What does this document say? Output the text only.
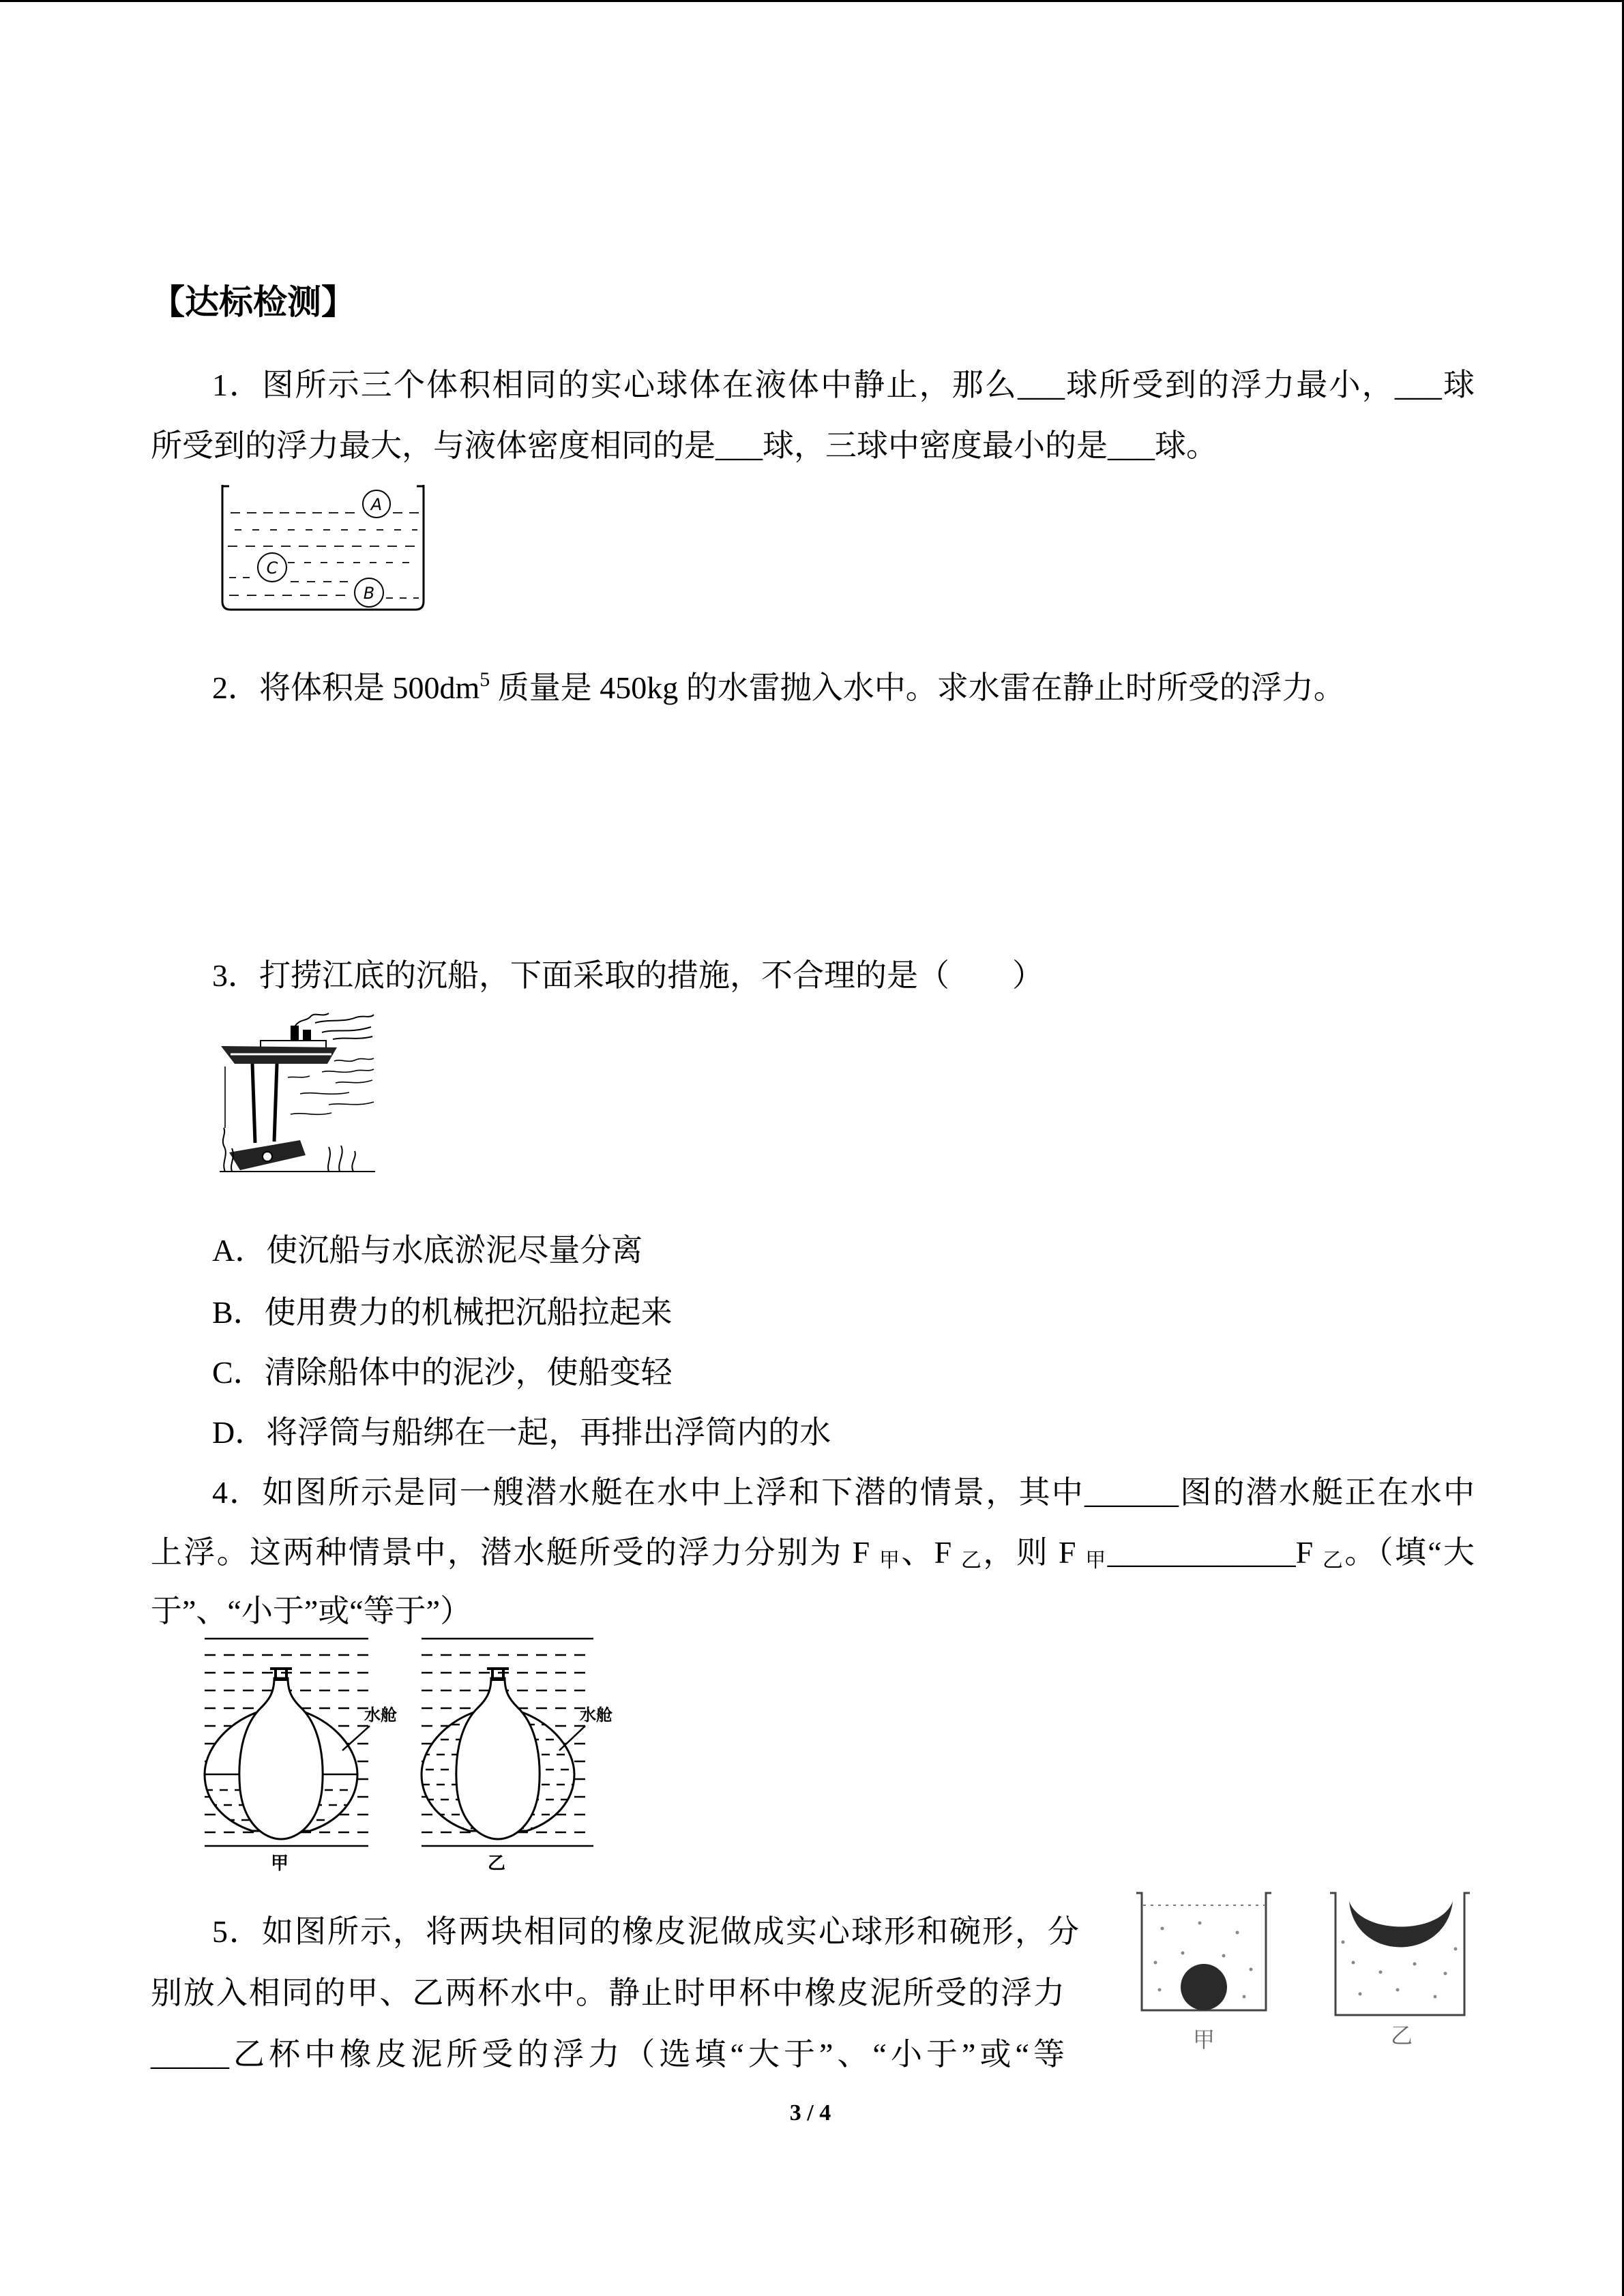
【达标检测】
1．图所示三个体积相同的实心球体在液体中静止，那么___球所受到的浮力最小，___球
所受到的浮力最大，与液体密度相同的是___球，三球中密度最小的是___球。
A
C
B
2．将体积是 $500dm^5$ 质量是 450kg 的水雷抛入水中。求水雷在静止时所受的浮力。
3．打捞江底的沉船，下面采取的措施，不合理的是（　　）
A．使沉船与水底淤泥尽量分离
B．使用费力的机械把沉船拉起来
C．清除船体中的泥沙，使船变轻
D．将浮筒与船绑在一起，再排出浮筒内的水
4．如图所示是同一艘潜水艇在水中上浮和下潜的情景，其中______图的潜水艇正在水中
上浮。这两种情景中，潜水艇所受的浮力分别为 F $_甲$、F $_乙$，则 F $_甲$____________F $_乙$。（填“大
于”、“小于”或“等于”）
水舱	水舱
甲	乙
5．如图所示，将两块相同的橡皮泥做成实心球形和碗形，分
别放入相同的甲、乙两杯水中。静止时甲杯中橡皮泥所受的浮力
_____乙杯中橡皮泥所受的浮力（选填“大于”、“小于”或“等	甲	乙
3 / 4
